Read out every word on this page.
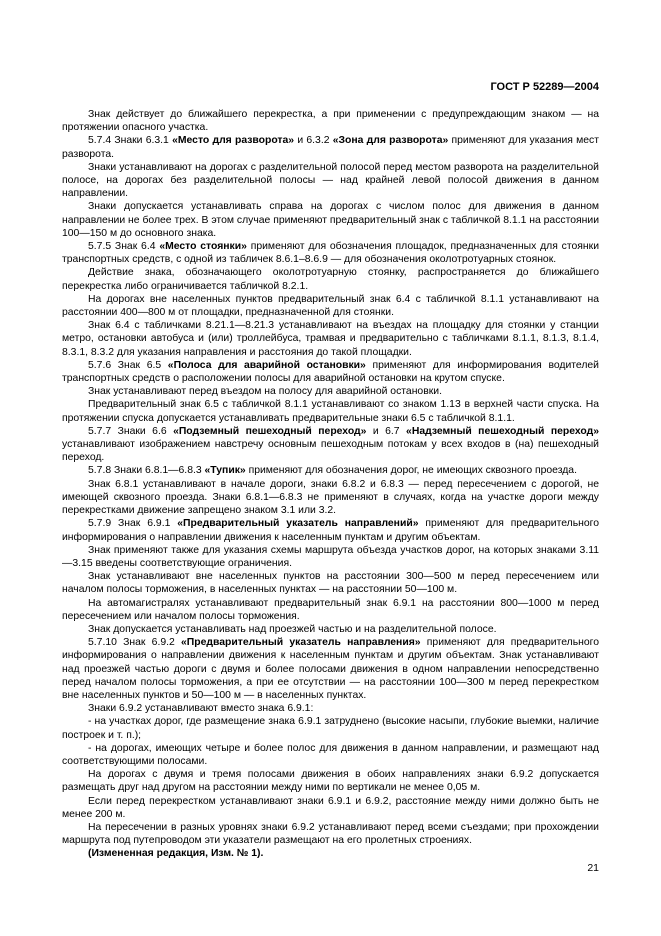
ГОСТ Р 52289—2004

Знак действует до ближайшего перекрестка, а при применении с предупреждающим знаком — на протяжении опасного участка.

5.7.4 Знаки 6.3.1 «Место для разворота» и 6.3.2 «Зона для разворота» применяют для указания мест разворота.

Знаки устанавливают на дорогах с разделительной полосой перед местом разворота на разделительной полосе, на дорогах без разделительной полосы — над крайней левой полосой движения в данном направлении.

Знаки допускается устанавливать справа на дорогах с числом полос для движения в данном направлении не более трех. В этом случае применяют предварительный знак с табличкой 8.1.1 на расстоянии 100—150 м до основного знака.

5.7.5 Знак 6.4 «Место стоянки» применяют для обозначения площадок, предназначенных для стоянки транспортных средств, с одной из табличек 8.6.1–8.6.9 — для обозначения околотротуарных стоянок.

Действие знака, обозначающего околотротуарную стоянку, распространяется до ближайшего перекрестка либо ограничивается табличкой 8.2.1.

На дорогах вне населенных пунктов предварительный знак 6.4 с табличкой 8.1.1 устанавливают на расстоянии 400—800 м от площадки, предназначенной для стоянки.

Знак 6.4 с табличками 8.21.1—8.21.3 устанавливают на въездах на площадку для стоянки у станции метро, остановки автобуса и (или) троллейбуса, трамвая и предварительно с табличками 8.1.1, 8.1.3, 8.1.4, 8.3.1, 8.3.2 для указания направления и расстояния до такой площадки.

5.7.6 Знак 6.5 «Полоса для аварийной остановки» применяют для информирования водителей транспортных средств о расположении полосы для аварийной остановки на крутом спуске.

Знак устанавливают перед въездом на полосу для аварийной остановки.

Предварительный знак 6.5 с табличкой 8.1.1 устанавливают со знаком 1.13 в верхней части спуска. На протяжении спуска допускается устанавливать предварительные знаки 6.5 с табличкой 8.1.1.

5.7.7 Знаки 6.6 «Подземный пешеходный переход» и 6.7 «Надземный пешеходный переход» устанавливают изображением навстречу основным пешеходным потокам у всех входов в (на) пешеходный переход.

5.7.8 Знаки 6.8.1—6.8.3 «Тупик» применяют для обозначения дорог, не имеющих сквозного проезда.

Знак 6.8.1 устанавливают в начале дороги, знаки 6.8.2 и 6.8.3 — перед пересечением с дорогой, не имеющей сквозного проезда. Знаки 6.8.1—6.8.3 не применяют в случаях, когда на участке дороги между перекрестками движение запрещено знаком 3.1 или 3.2.

5.7.9 Знак 6.9.1 «Предварительный указатель направлений» применяют для предварительного информирования о направлении движения к населенным пунктам и другим объектам.

Знак применяют также для указания схемы маршрута объезда участков дорог, на которых знаками 3.11—3.15 введены соответствующие ограничения.

Знак устанавливают вне населенных пунктов на расстоянии 300—500 м перед пересечением или началом полосы торможения, в населенных пунктах — на расстоянии 50—100 м.

На автомагистралях устанавливают предварительный знак 6.9.1 на расстоянии 800—1000 м перед пересечением или началом полосы торможения.

Знак допускается устанавливать над проезжей частью и на разделительной полосе.

5.7.10 Знак 6.9.2 «Предварительный указатель направления» применяют для предварительного информирования о направлении движения к населенным пунктам и другим объектам. Знак устанавливают над проезжей частью дороги с двумя и более полосами движения в одном направлении непосредственно перед началом полосы торможения, а при ее отсутствии — на расстоянии 100—300 м перед перекрестком вне населенных пунктов и 50—100 м — в населенных пунктах.

Знаки 6.9.2 устанавливают вместо знака 6.9.1:

- на участках дорог, где размещение знака 6.9.1 затруднено (высокие насыпи, глубокие выемки, наличие построек и т. п.);

- на дорогах, имеющих четыре и более полос для движения в данном направлении, и размещают над соответствующими полосами.

На дорогах с двумя и тремя полосами движения в обоих направлениях знаки 6.9.2 допускается размещать друг над другом на расстоянии между ними по вертикали не менее 0,05 м.

Если перед перекрестком устанавливают знаки 6.9.1 и 6.9.2, расстояние между ними должно быть не менее 200 м.

На пересечении в разных уровнях знаки 6.9.2 устанавливают перед всеми съездами; при прохождении маршрута под путепроводом эти указатели размещают на его пролетных строениях.

(Измененная редакция, Изм. № 1).

21
